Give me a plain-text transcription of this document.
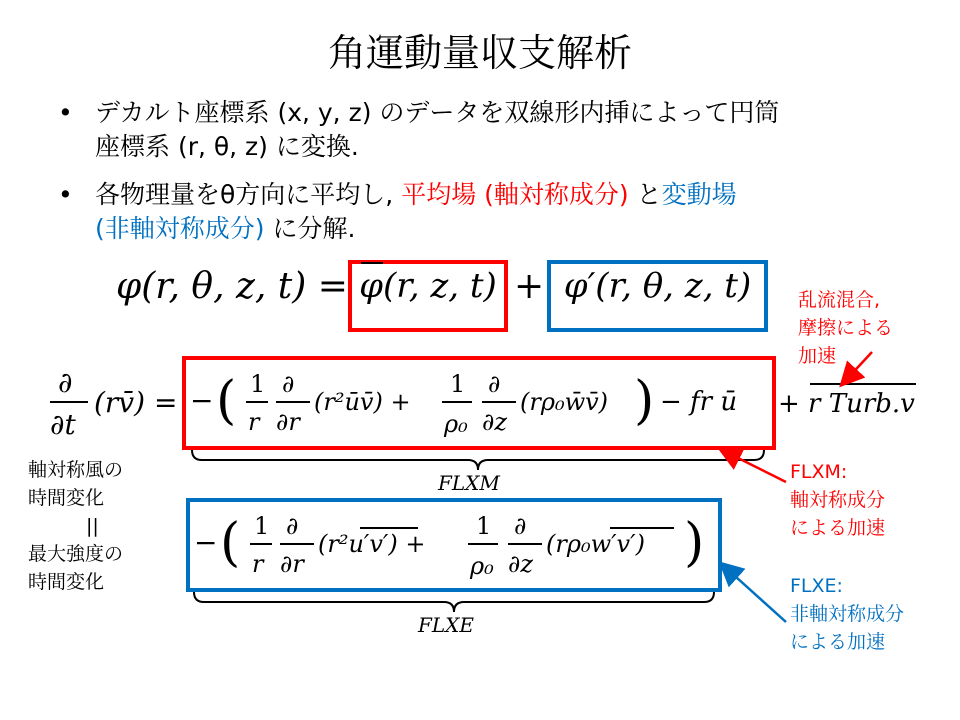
角運動量収支解析
• デカルト座標系 (x, y, z) のデータを双線形内挿によって円筒
座標系 (r, θ, z) に変換.
• 各物理量をθ方向に平均し, 平均場 (軸対称成分) と変動場
(非軸対称成分) に分解.
φ(r, θ, z, t) = φ(r, z, t) + φ′(r, θ, z, t)
∂
∂t
(rv̄) = − ( 1
r
∂
∂r
(r²ūv̄) +
1
ρ₀
∂
∂z
(rρ₀w̄v̄) ) − fr ū + r Turb.v
FLXM
− ( 1
r
∂
∂r
(r²u′v′) +
1
ρ₀
∂
∂z
(rρ₀w′v′) )
FLXE
軸対称風の
時間変化
||
最大強度の
時間変化
乱流混合,
摩擦による
加速
FLXM:
軸対称成分
による加速
FLXE:
非軸対称成分
による加速
